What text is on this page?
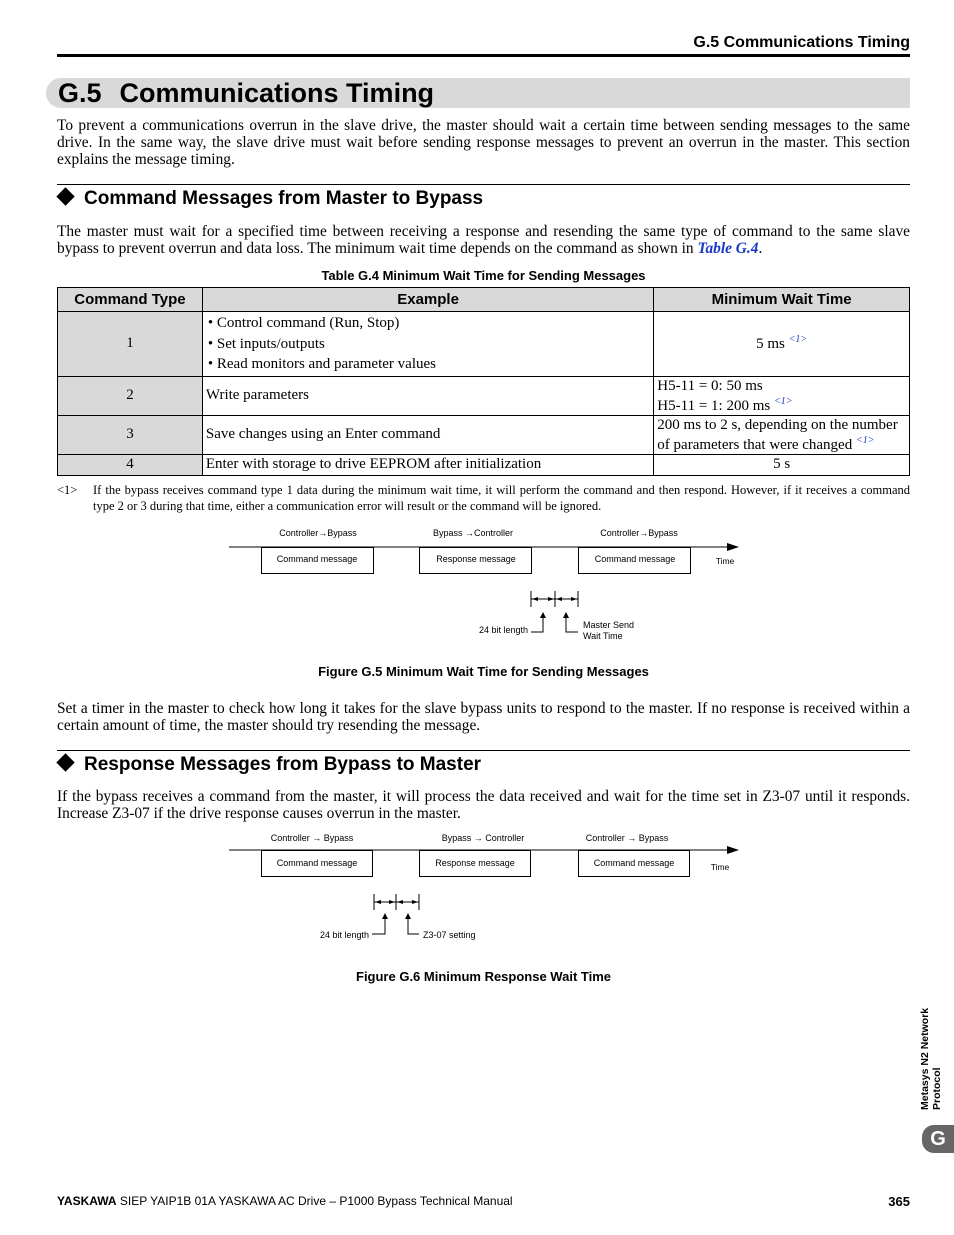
G.5 Communications Timing
G.5 Communications Timing
To prevent a communications overrun in the slave drive, the master should wait a certain time between sending messages to the same drive. In the same way, the slave drive must wait before sending response messages to prevent an overrun in the master. This section explains the message timing.
Command Messages from Master to Bypass
The master must wait for a specified time between receiving a response and resending the same type of command to the same slave bypass to prevent overrun and data loss. The minimum wait time depends on the command as shown in Table G.4.
Table G.4 Minimum Wait Time for Sending Messages
Command Type	Example	Minimum Wait Time
1	• Control command (Run, Stop)
• Set inputs/outputs
• Read monitors and parameter values	5 ms $^{<1>}$
2	Write parameters	H5-11 = 0: 50 ms
H5-11 = 1: 200 ms $^{<1>}$
3	Save changes using an Enter command	200 ms to 2 s, depending on the number
of parameters that were changed $^{<1>}$
4	Enter with storage to drive EEPROM after initialization	5 s
<1> If the bypass receives command type 1 data during the minimum wait time, it will perform the command and then respond. However, if it receives a command type 2 or 3 during that time, either a communication error will result or the command will be ignored.
Controller→Bypass	Bypass →Controller	Controller→Bypass
Command message	Response message	Command message	Time
24 bit length	Master Send
Wait Time
Figure G.5 Minimum Wait Time for Sending Messages
Set a timer in the master to check how long it takes for the slave bypass units to respond to the master. If no response is received within a certain amount of time, the master should try resending the message.
Response Messages from Bypass to Master
If the bypass receives a command from the master, it will process the data received and wait for the time set in Z3-07 until it responds. Increase Z3-07 if the drive response causes overrun in the master.
Controller → Bypass	Bypass → Controller	Controller → Bypass
Command message	Response message	Command message	Time
24 bit length	Z3-07 setting
Figure G.6 Minimum Response Wait Time
Metasys N2 Network
Protocol
G
YASKAWA SIEP YAIP1B 01A YASKAWA AC Drive – P1000 Bypass Technical Manual	365
